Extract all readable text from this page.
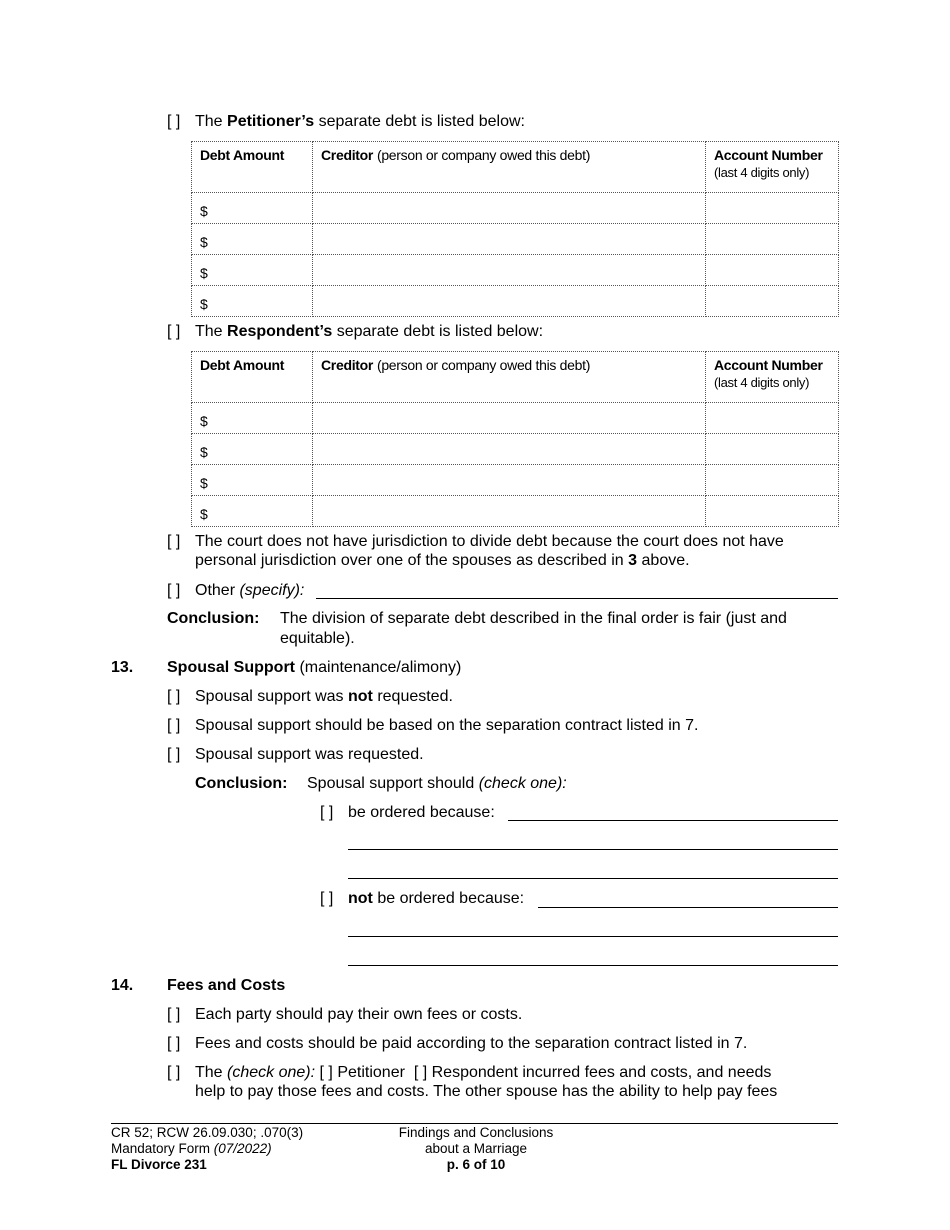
[ ] The Petitioner’s separate debt is listed below:
Debt Amount	Creditor (person or company owed this debt)	Account Number
(last 4 digits only)

$		
$		
$		
$		
[ ] The Respondent’s separate debt is listed below:
Debt Amount	Creditor (person or company owed this debt)	Account Number
(last 4 digits only)

$		
$		
$		
$		
[ ] The court does not have jurisdiction to divide debt because the court does not have
personal jurisdiction over one of the spouses as described in 3 above.
[ ] Other (specify):
Conclusion: The division of separate debt described in the final order is fair (just and
equitable).
13. Spousal Support (maintenance/alimony)
[ ] Spousal support was not requested.
[ ] Spousal support should be based on the separation contract listed in 7.
[ ] Spousal support was requested.
Conclusion: Spousal support should (check one):
[ ] be ordered because:
[ ] not be ordered because:
14. Fees and Costs
[ ] Each party should pay their own fees or costs.
[ ] Fees and costs should be paid according to the separation contract listed in 7.
[ ] The (check one): [ ] Petitioner [ ] Respondent incurred fees and costs, and needs
help to pay those fees and costs. The other spouse has the ability to help pay fees
CR 52; RCW 26.09.030; .070(3)
Mandatory Form (07/2022)
FL Divorce 231
Findings and Conclusions
about a Marriage
p. 6 of 10
